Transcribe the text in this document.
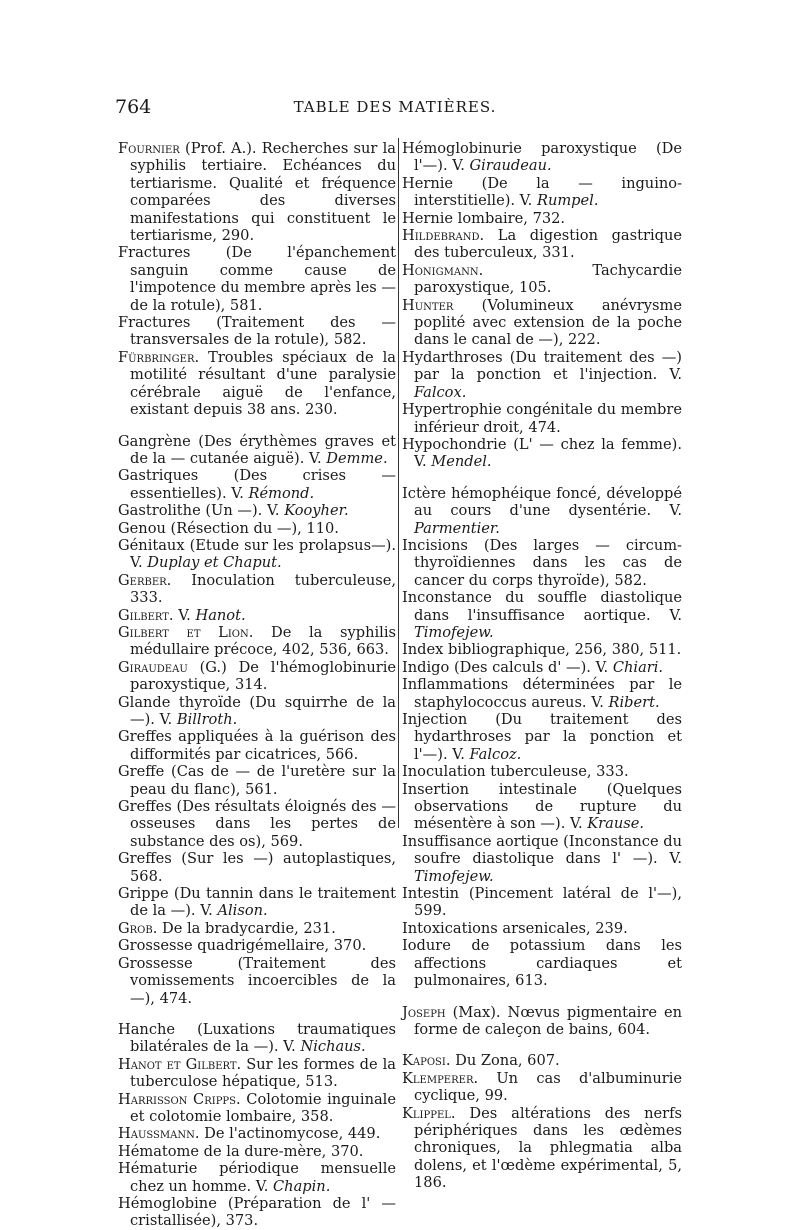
764	TABLE DES MATIÈRES.
Fournier (Prof. A.). Recherches sur la syphilis tertiaire. Echéances du tertiarisme. Qualité et fréquence comparées des diverses manifestations qui constituent le tertiarisme, 290.
Fractures (De l'épanchement sanguin comme cause de l'impotence du membre après les — de la rotule), 581.
Fractures (Traitement des — transversales de la rotule), 582.
Fürbringer. Troubles spéciaux de la motilité résultant d'une paralysie cérébrale aiguë de l'enfance, existant depuis 38 ans. 230.
Gangrène (Des érythèmes graves et de la — cutanée aiguë). V. Demme.
Gastriques (Des crises —essentielles). V. Rémond.
Gastrolithe (Un —). V. Kooyher.
Genou (Résection du —), 110.
Génitaux (Etude sur les prolapsus—). V. Duplay et Chaput.
Gerber. Inoculation tuberculeuse, 333.
Gilbert. V. Hanot.
Gilbert et Lion. De la syphilis médullaire précoce, 402, 536, 663.
Giraudeau (G.) De l'hémoglobinurie paroxystique, 314.
Glande thyroïde (Du squirrhe de la—). V. Billroth.
Greffes appliquées à la guérison des difformités par cicatrices, 566.
Greffe (Cas de — de l'uretère sur la peau du flanc), 561.
Greffes (Des résultats éloignés des — osseuses dans les pertes de substance des os), 569.
Greffes (Sur les —) autoplastiques, 568.
Grippe (Du tannin dans le traitement de la —). V. Alison.
Grob. De la bradycardie, 231.
Grossesse quadrigémellaire, 370.
Grossesse (Traitement des vomissements incoercibles de la —), 474.
Hanche (Luxations traumatiques bilatérales de la —). V. Nichaus.
Hanot et Gilbert. Sur les formes de la tuberculose hépatique, 513.
Harrisson Cripps. Colotomie inguinale et colotomie lombaire, 358.
Haussmann. De l'actinomycose, 449.
Hématome de la dure-mère, 370.
Hématurie périodique mensuelle chez un homme. V. Chapin.
Hémoglobine (Préparation de l' — cristallisée), 373.
Hémoglobinurie paroxystique (De l'—). V. Giraudeau.
Hernie (De la — inguino-interstitielle). V. Rumpel.
Hernie lombaire, 732.
Hildebrand. La digestion gastrique des tuberculeux, 331.
Honigmann. Tachycardie paroxystique, 105.
Hunter (Volumineux anévrysme poplité avec extension de la poche dans le canal de —), 222.
Hydarthroses (Du traitement des —) par la ponction et l'injection. V. Falcox.
Hypertrophie congénitale du membre inférieur droit, 474.
Hypochondrie (L' — chez la femme). V. Mendel.
Ictère hémophéique foncé, développé au cours d'une dysentérie. V. Parmentier.
Incisions (Des larges — circum-thyroïdiennes dans les cas de cancer du corps thyroïde), 582.
Inconstance du souffle diastolique dans l'insuffisance aortique. V. Timofejew.
Index bibliographique, 256, 380, 511.
Indigo (Des calculs d' —). V. Chiari.
Inflammations déterminées par le staphylococcus aureus. V. Ribert.
Injection (Du traitement des hydarthroses par la ponction et l'—). V. Falcoz.
Inoculation tuberculeuse, 333.
Insertion intestinale (Quelques observations de rupture du mésentère à son —). V. Krause.
Insuffisance aortique (Inconstance du soufre diastolique dans l' —). V. Timofejew.
Intestin (Pincement latéral de l'—), 599.
Intoxications arsenicales, 239.
Iodure de potassium dans les affections cardiaques et pulmonaires, 613.
Joseph (Max). Nœvus pigmentaire en forme de caleçon de bains, 604.
Kaposi. Du Zona, 607.
Klemperer. Un cas d'albuminurie cyclique, 99.
Klippel. Des altérations des nerfs périphériques dans les œdèmes chroniques, la phlegmatia alba dolens, et l'œdème expérimental, 5, 186.
